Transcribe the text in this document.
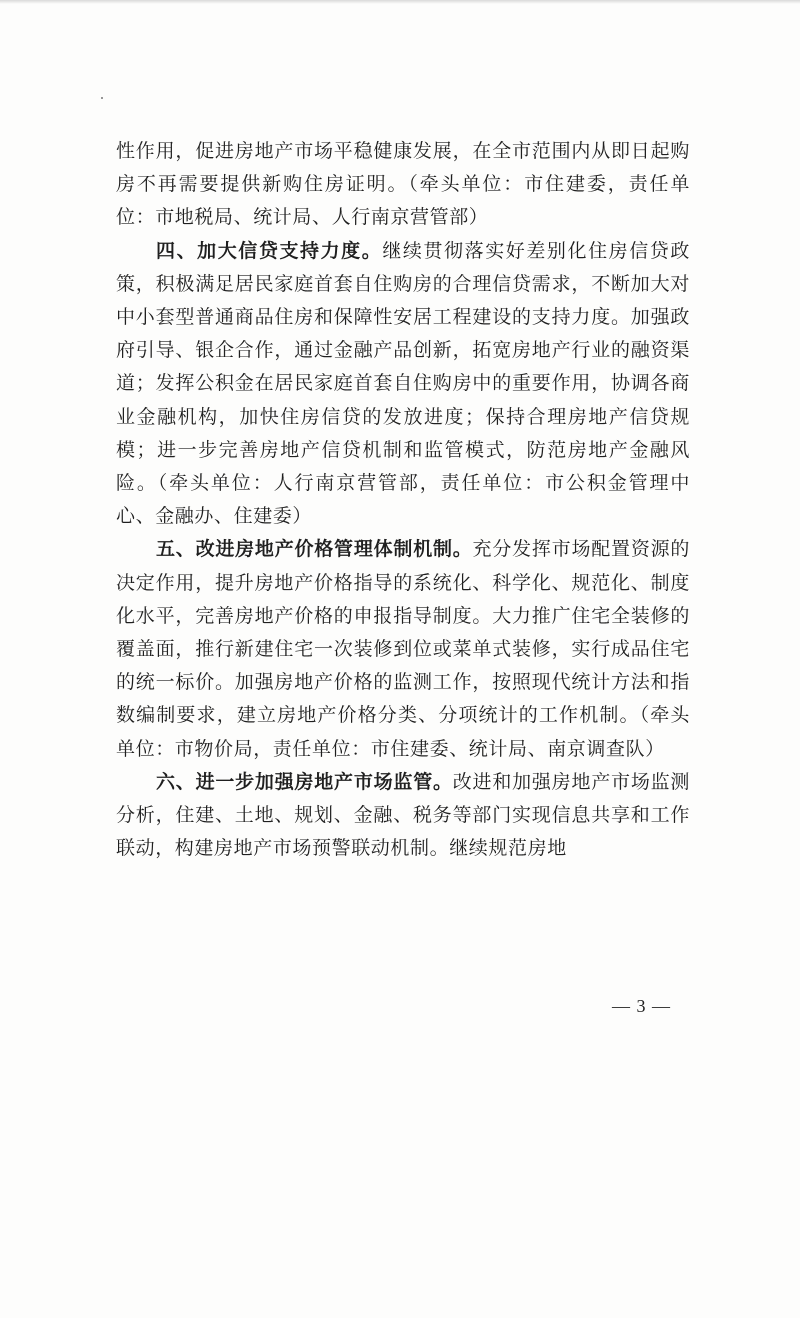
性作用，促进房地产市场平稳健康发展，在全市范围内从即日起购房不再需要提供新购住房证明。（牵头单位：市住建委，责任单位：市地税局、统计局、人行南京营管部）

四、加大信贷支持力度。继续贯彻落实好差别化住房信贷政策，积极满足居民家庭首套自住购房的合理信贷需求，不断加大对中小套型普通商品住房和保障性安居工程建设的支持力度。加强政府引导、银企合作，通过金融产品创新，拓宽房地产行业的融资渠道；发挥公积金在居民家庭首套自住购房中的重要作用，协调各商业金融机构，加快住房信贷的发放进度；保持合理房地产信贷规模；进一步完善房地产信贷机制和监管模式，防范房地产金融风险。（牵头单位：人行南京营管部，责任单位：市公积金管理中心、金融办、住建委）

五、改进房地产价格管理体制机制。充分发挥市场配置资源的决定作用，提升房地产价格指导的系统化、科学化、规范化、制度化水平，完善房地产价格的申报指导制度。大力推广住宅全装修的覆盖面，推行新建住宅一次装修到位或菜单式装修，实行成品住宅的统一标价。加强房地产价格的监测工作，按照现代统计方法和指数编制要求，建立房地产价格分类、分项统计的工作机制。（牵头单位：市物价局，责任单位：市住建委、统计局、南京调查队）

六、进一步加强房地产市场监管。改进和加强房地产市场监测分析，住建、土地、规划、金融、税务等部门实现信息共享和工作联动，构建房地产市场预警联动机制。继续规范房地

— 3 —
